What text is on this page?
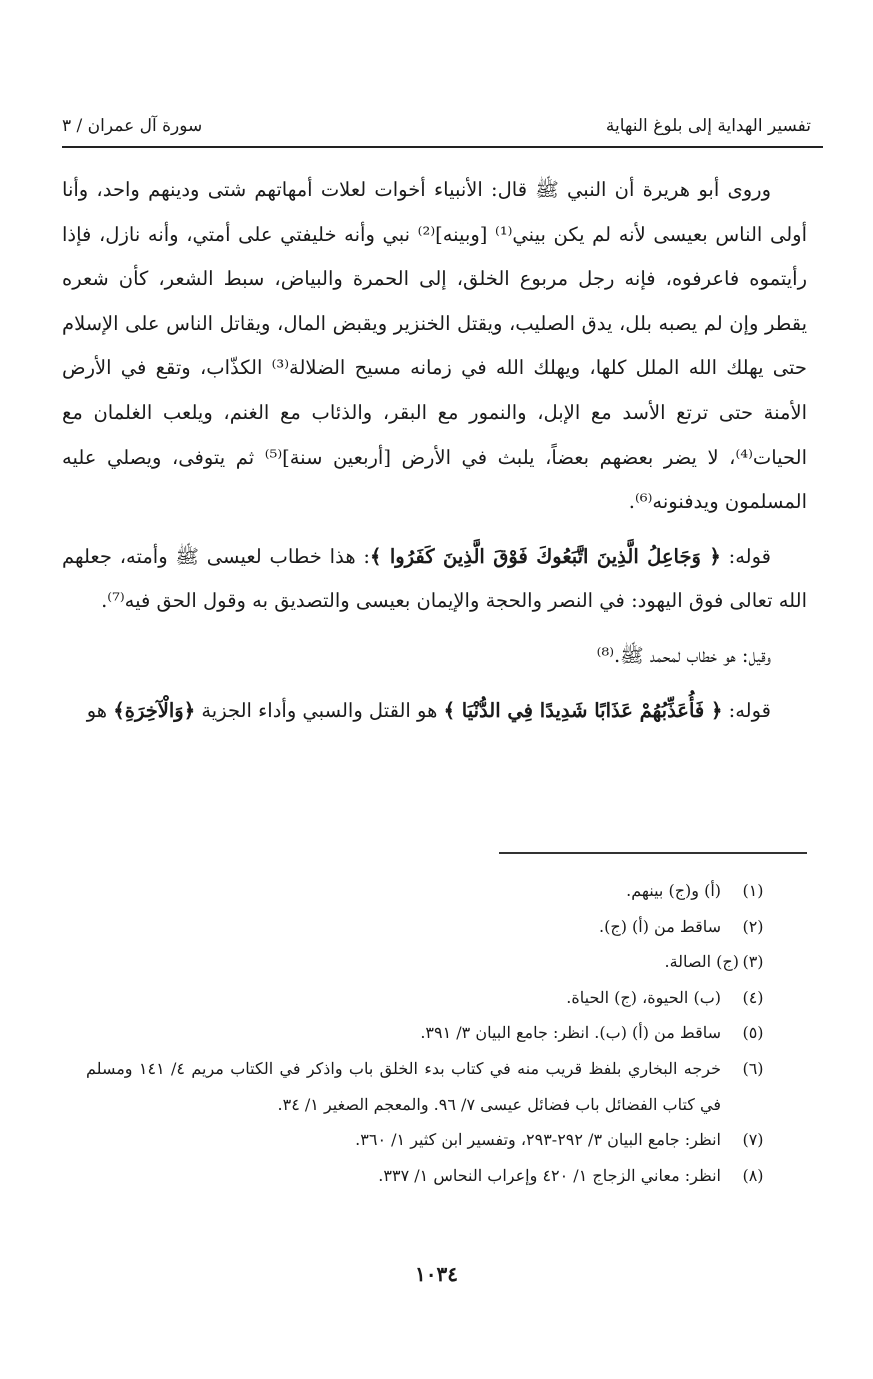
تفسير الهداية إلى بلوغ النهاية
سورة آل عمران / ٣

وروى أبو هريرة أن النبي ﷺ قال: الأنبياء أخوات لعلات أمهاتهم شتى ودينهم واحد، وأنا أولى الناس بعيسى لأنه لم يكن بيني⁽¹⁾ [وبينه]⁽²⁾ نبي وأنه خليفتي على أمتي، وأنه نازل، فإذا رأيتموه فاعرفوه، فإنه رجل مربوع الخلق، إلى الحمرة والبياض، سبط الشعر، كأن شعره يقطر وإن لم يصبه بلل، يدق الصليب، ويقتل الخنزير ويقبض المال، ويقاتل الناس على الإسلام حتى يهلك الله الملل كلها، ويهلك الله في زمانه مسيح الضلالة⁽³⁾ الكذّاب، وتقع في الأرض الأمنة حتى ترتع الأسد مع الإبل، والنمور مع البقر، والذئاب مع الغنم، ويلعب الغلمان مع الحيات⁽⁴⁾، لا يضر بعضهم بعضاً، يلبث في الأرض [أربعين سنة]⁽⁵⁾ ثم يتوفى، ويصلي عليه المسلمون ويدفنونه⁽⁶⁾.

قوله: ﴿ وَجَاعِلُ الَّذِينَ اتَّبَعُوكَ فَوْقَ الَّذِينَ كَفَرُوا ﴾: هذا خطاب لعيسى ﷺ وأمته، جعلهم الله تعالى فوق اليهود: في النصر والحجة والإيمان بعيسى والتصديق به وقول الحق فيه⁽⁷⁾.

وقيل: هو خطاب لمحمد ﷺ.⁽⁸⁾

قوله: ﴿ فَأُعَذِّبُهُمْ عَذَابًا شَدِيدًا فِي الدُّنْيَا ﴾ هو القتل والسبي وأداء الجزية ﴿وَالْآخِرَةِ﴾ هو

(١)
(أ) و(ج) بينهم.
(٢)
ساقط من (أ) (ج).
(٣)
(ج) الصالة.
(٤)
(ب) الحيوة، (ج) الحياة.
(٥)
ساقط من (أ) (ب). انظر: جامع البيان ٣/ ٣٩١.
(٦)
خرجه البخاري بلفظ قريب منه في كتاب بدء الخلق باب واذكر في الكتاب مريم ٤/ ١٤١ ومسلم في كتاب الفضائل باب فضائل عيسى ٧/ ٩٦. والمعجم الصغير ١/ ٣٤.
(٧)
انظر: جامع البيان ٣/ ٢٩٢-٢٩٣، وتفسير ابن كثير ١/ ٣٦٠.
(٨)
انظر: معاني الزجاج ١/ ٤٢٠ وإعراب النحاس ١/ ٣٣٧.
١٠٣٤
